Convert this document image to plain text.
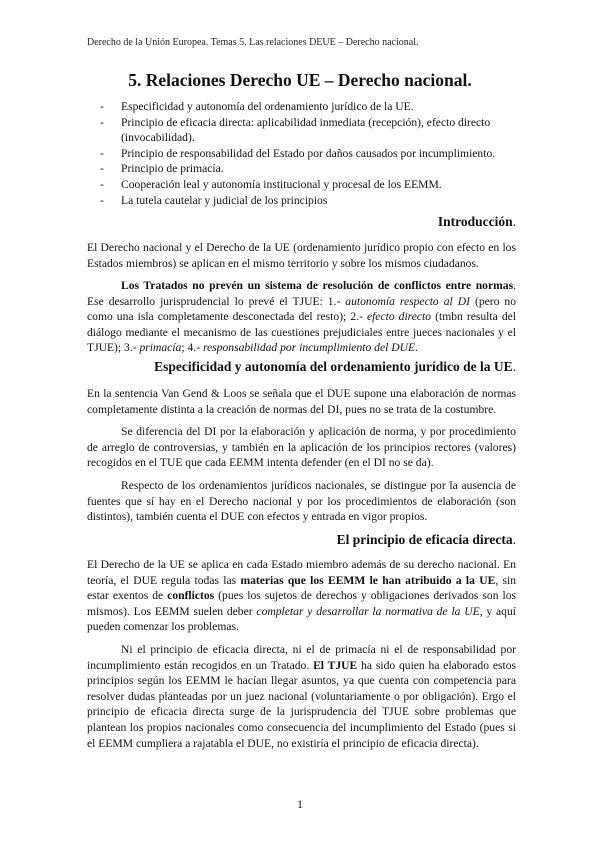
Derecho de la Unión Europea. Temas 5. Las relaciones DEUE – Derecho nacional.
5. Relaciones Derecho UE – Derecho nacional.
- Especificidad y autonomía del ordenamiento jurídico de la UE.
- Principio de eficacia directa: aplicabilidad inmediata (recepción), efecto directo (invocabilidad).
- Principio de responsabilidad del Estado por daños causados por incumplimiento.
- Principio de primacía.
- Cooperación leal y autonomía institucional y procesal de los EEMM.
- La tutela cautelar y judicial de los principios
Introducción.

El Derecho nacional y el Derecho de la UE (ordenamiento jurídico propio con efecto en los Estados miembros) se aplican en el mismo territorio y sobre los mismos ciudadanos.

Los Tratados no prevén un sistema de resolución de conflictos entre normas. Ese desarrollo jurisprudencial lo prevé el TJUE: 1.- autonomía respecto al DI (pero no como una isla completamente desconectada del resto); 2.- efecto directo (tmbn resulta del diálogo mediante el mecanismo de las cuestiones prejudiciales entre jueces nacionales y el TJUE); 3.- primacía; 4.- responsabilidad por incumplimiento del DUE.

Especificidad y autonomía del ordenamiento jurídico de la UE.

En la sentencia Van Gend & Loos se señala que el DUE supone una elaboración de normas completamente distinta a la creación de normas del DI, pues no se trata de la costumbre.

Se diferencia del DI por la elaboración y aplicación de norma, y por procedimiento de arreglo de controversias, y también en la aplicación de los principios rectores (valores) recogidos en el TUE que cada EEMM intenta defender (en el DI no se da).

Respecto de los ordenamientos jurídicos nacionales, se distingue por la ausencia de fuentes que sí hay en el Derecho nacional y por los procedimientos de elaboración (son distintos), también cuenta el DUE con efectos y entrada en vigor propios.

El principio de eficacia directa.

El Derecho de la UE se aplica en cada Estado miembro además de su derecho nacional. En teoría, el DUE regula todas las materias que los EEMM le han atribuido a la UE, sin estar exentos de conflictos (pues los sujetos de derechos y obligaciones derivados son los mismos). Los EEMM suelen deber completar y desarrollar la normativa de la UE, y aquí pueden comenzar los problemas.

Ni el principio de eficacia directa, ni el de primacía ni el de responsabilidad por incumplimiento están recogidos en un Tratado. El TJUE ha sido quien ha elaborado estos principios según los EEMM le hacían llegar asuntos, ya que cuenta con competencia para resolver dudas planteadas por un juez nacional (voluntariamente o por obligación). Ergo el principio de eficacia directa surge de la jurisprudencia del TJUE sobre problemas que plantean los propios nacionales como consecuencia del incumplimiento del Estado (pues si el EEMM cumpliera a rajatabla el DUE, no existiría el principio de eficacia directa).

1
